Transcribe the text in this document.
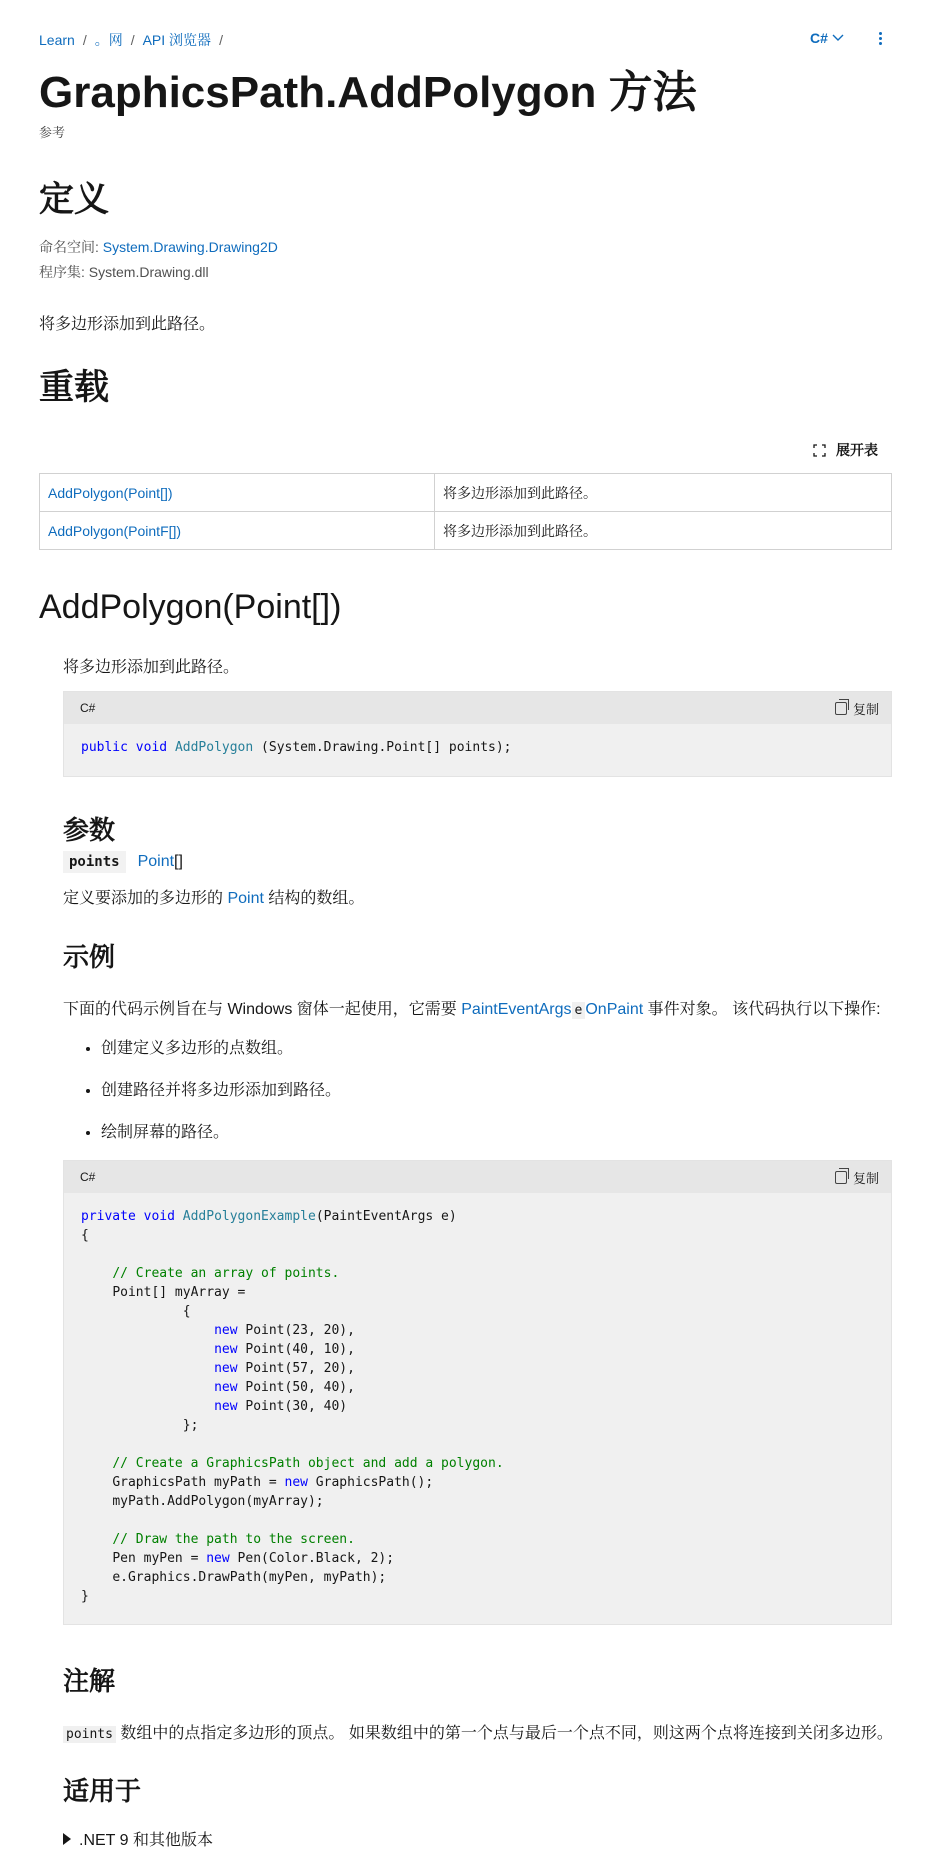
Learn / 。网 / API 浏览器 /	C#
GraphicsPath.AddPolygon 方法
参考
定义
命名空间: System.Drawing.Drawing2D
程序集: System.Drawing.dll
将多边形添加到此路径。
重载
展开表
AddPolygon(Point[])	将多边形添加到此路径。
AddPolygon(PointF[])	将多边形添加到此路径。
AddPolygon(Point[])
将多边形添加到此路径。
C#	复制
public void AddPolygon (System.Drawing.Point[] points);
参数
points	Point[]
定义要添加的多边形的 Point 结构的数组。
示例
下面的代码示例旨在与 Windows 窗体一起使用，它需要 PaintEventArgs e OnPaint 事件对象。 该代码执行以下操作:
• 创建定义多边形的点数组。
• 创建路径并将多边形添加到路径。
• 绘制屏幕的路径。
C#	复制
private void AddPolygonExample(PaintEventArgs e)
{

// Create an array of points.
Point[] myArray =
{
new Point(23, 20),
new Point(40, 10),
new Point(57, 20),
new Point(50, 40),
new Point(30, 40)
};

// Create a GraphicsPath object and add a polygon.
GraphicsPath myPath = new GraphicsPath();
myPath.AddPolygon(myArray);

// Draw the path to the screen.
Pen myPen = new Pen(Color.Black, 2);
e.Graphics.DrawPath(myPen, myPath);
}
注解
points 数组中的点指定多边形的顶点。 如果数组中的第一个点与最后一个点不同，则这两个点将连接到关闭多边形。
适用于
.NET 9 和其他版本
